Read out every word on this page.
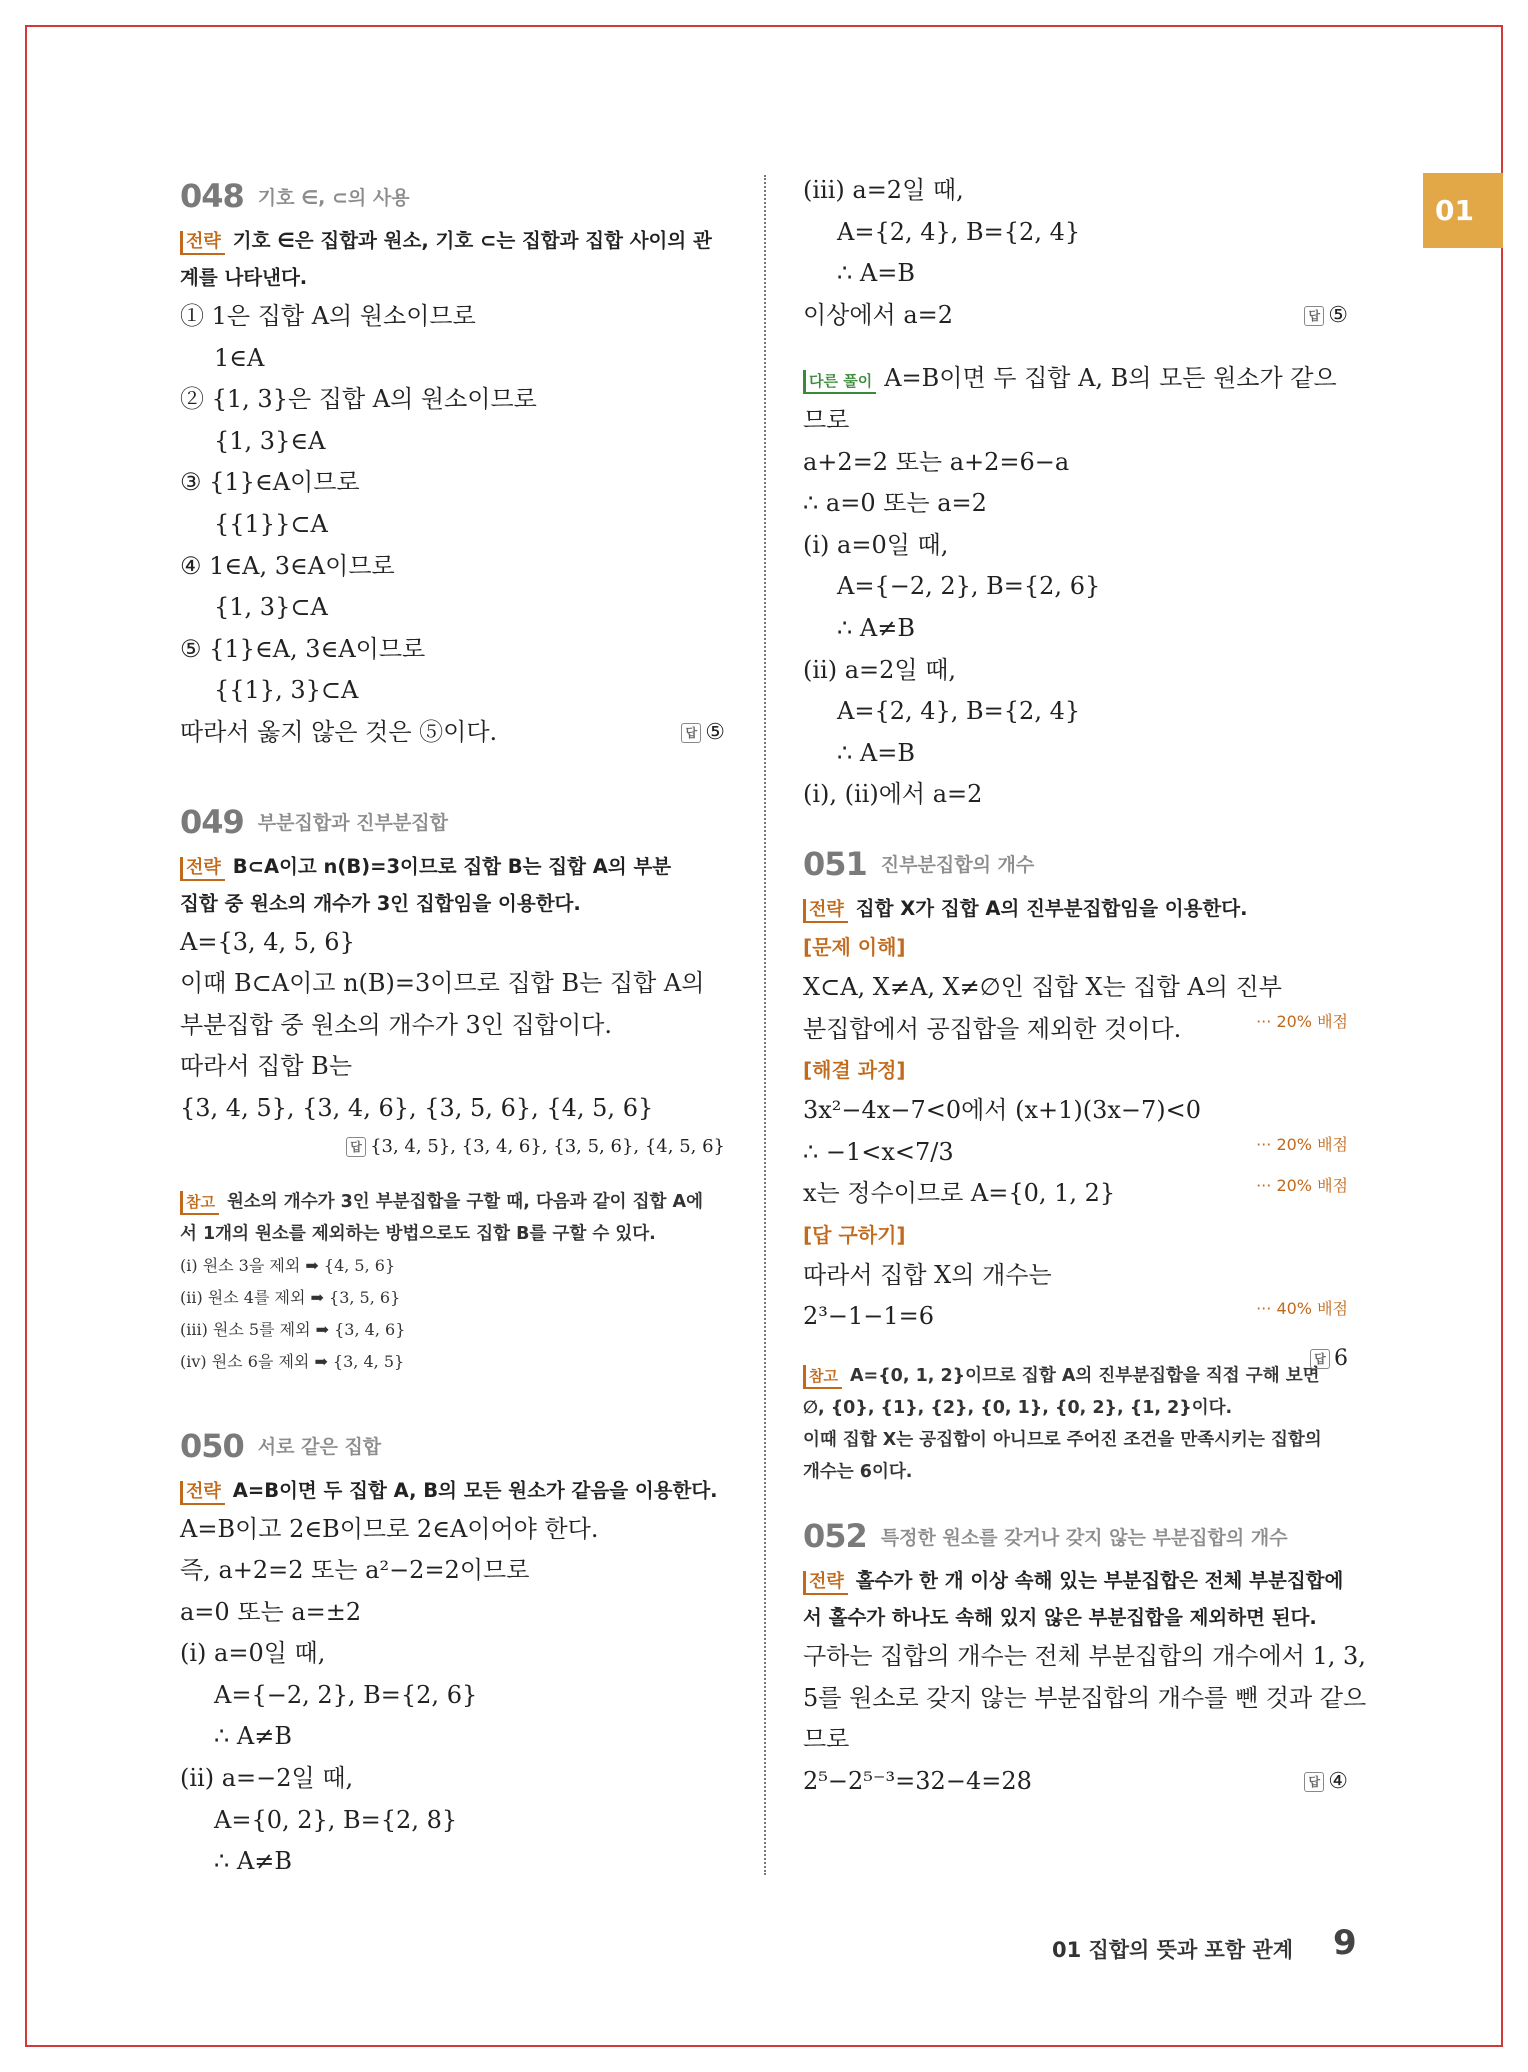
01
048 기호 ∈, ⊂의 사용
전략 기호 ∈은 집합과 원소, 기호 ⊂는 집합과 집합 사이의 관
계를 나타낸다.
① 1은 집합 A의 원소이므로
1∈A
② {1, 3}은 집합 A의 원소이므로
{1, 3}∈A
③ {1}∈A이므로
{{1}}⊂A
④ 1∈A, 3∈A이므로
{1, 3}⊂A
⑤ {1}∈A, 3∈A이므로
{{1}, 3}⊂A
따라서 옳지 않은 것은 ⑤이다.	답 ⑤
049 부분집합과 진부분집합
전략 B⊂A이고 n(B)=3이므로 집합 B는 집합 A의 부분
집합 중 원소의 개수가 3인 집합임을 이용한다.
A={3, 4, 5, 6}
이때 B⊂A이고 n(B)=3이므로 집합 B는 집합 A의
부분집합 중 원소의 개수가 3인 집합이다.
따라서 집합 B는
{3, 4, 5}, {3, 4, 6}, {3, 5, 6}, {4, 5, 6}
답 {3, 4, 5}, {3, 4, 6}, {3, 5, 6}, {4, 5, 6}
참고 원소의 개수가 3인 부분집합을 구할 때, 다음과 같이 집합 A에
서 1개의 원소를 제외하는 방법으로도 집합 B를 구할 수 있다.
(ⅰ) 원소 3을 제외 ➡ {4, 5, 6}
(ⅱ) 원소 4를 제외 ➡ {3, 5, 6}
(ⅲ) 원소 5를 제외 ➡ {3, 4, 6}
(ⅳ) 원소 6을 제외 ➡ {3, 4, 5}
050 서로 같은 집합
전략 A=B이면 두 집합 A, B의 모든 원소가 같음을 이용한다.
A=B이고 2∈B이므로 2∈A이어야 한다.
즉, a+2=2 또는 a²−2=2이므로
a=0 또는 a=±2
(ⅰ) a=0일 때,
A={−2, 2}, B={2, 6}
∴ A≠B
(ⅱ) a=−2일 때,
A={0, 2}, B={2, 8}
∴ A≠B
(ⅲ) a=2일 때,
A={2, 4}, B={2, 4}
∴ A=B
이상에서 a=2	답 ⑤
다른 풀이 A=B이면 두 집합 A, B의 모든 원소가 같으
므로
a+2=2 또는 a+2=6−a
∴ a=0 또는 a=2
(ⅰ) a=0일 때,
A={−2, 2}, B={2, 6}
∴ A≠B
(ⅱ) a=2일 때,
A={2, 4}, B={2, 4}
∴ A=B
(ⅰ), (ⅱ)에서 a=2
051 진부분집합의 개수
전략 집합 X가 집합 A의 진부분집합임을 이용한다.
[문제 이해]
X⊂A, X≠A, X≠∅인 집합 X는 집합 A의 진부
분집합에서 공집합을 제외한 것이다.	··· 20% 배점
[해결 과정]
3x²−4x−7<0에서 (x+1)(3x−7)<0
∴ −1<x<7/3	··· 20% 배점
x는 정수이므로 A={0, 1, 2}	··· 20% 배점
[답 구하기]
따라서 집합 X의 개수는
2³−1−1=6	··· 40% 배점
답 6
참고 A={0, 1, 2}이므로 집합 A의 진부분집합을 직접 구해 보면
∅, {0}, {1}, {2}, {0, 1}, {0, 2}, {1, 2}이다.
이때 집합 X는 공집합이 아니므로 주어진 조건을 만족시키는 집합의
개수는 6이다.
052 특정한 원소를 갖거나 갖지 않는 부분집합의 개수
전략 홀수가 한 개 이상 속해 있는 부분집합은 전체 부분집합에
서 홀수가 하나도 속해 있지 않은 부분집합을 제외하면 된다.
구하는 집합의 개수는 전체 부분집합의 개수에서 1, 3,
5를 원소로 갖지 않는 부분집합의 개수를 뺀 것과 같으
므로
2⁵−2⁵⁻³=32−4=28	답 ④
01 집합의 뜻과 포함 관계 9
